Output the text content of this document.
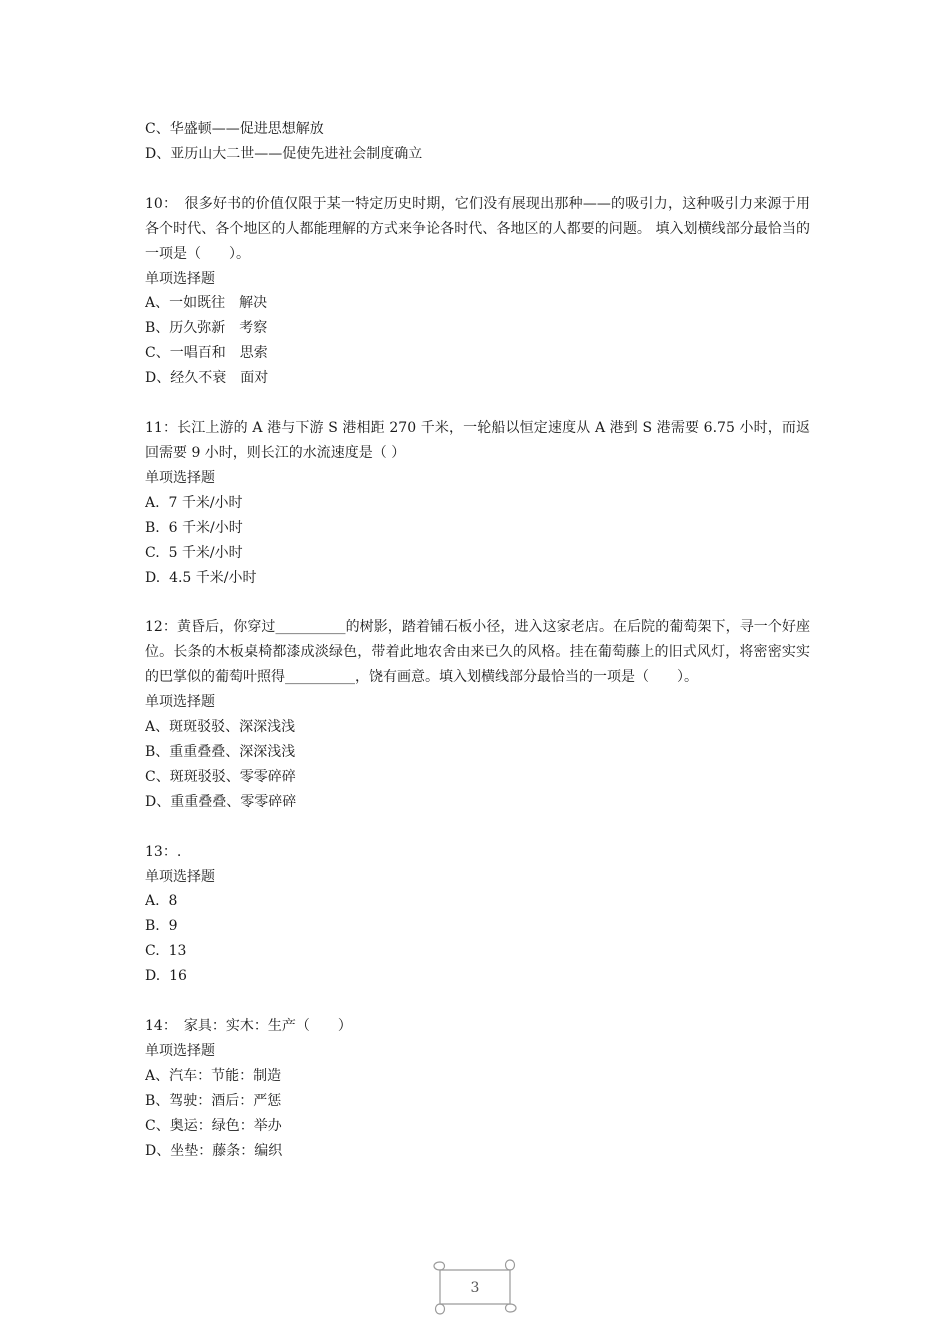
C、华盛顿——促进思想解放
D、亚历山大二世——促使先进社会制度确立
10：　很多好书的价值仅限于某一特定历史时期，它们没有展现出那种——的吸引力，这种吸引力来源于用各个时代、各个地区的人都能理解的方式来争论各时代、各地区的人都要的问题。 填入划横线部分最恰当的一项是（　　）。
单项选择题
A、一如既往　解决
B、历久弥新　考察
C、一唱百和　思索
D、经久不衰　面对
11：长江上游的 A 港与下游 S 港相距 270 千米，一轮船以恒定速度从 A 港到 S 港需要 6.75 小时，而返回需要 9 小时，则长江的水流速度是（ ）
单项选择题
A.  7 千米/小时
B.  6 千米/小时
C.  5 千米/小时
D.  4.5 千米/小时
12：黄昏后，你穿过__________的树影，踏着铺石板小径，进入这家老店。在后院的葡萄架下，寻一个好座位。长条的木板桌椅都漆成淡绿色，带着此地农舍由来已久的风格。挂在葡萄藤上的旧式风灯，将密密实实的巴掌似的葡萄叶照得__________，饶有画意。填入划横线部分最恰当的一项是（　　）。
单项选择题
A、斑斑驳驳、深深浅浅
B、重重叠叠、深深浅浅
C、斑斑驳驳、零零碎碎
D、重重叠叠、零零碎碎
13：.
单项选择题
A.  8
B.  9
C.  13
D.  16
14：　家具：实木：生产（　　）
单项选择题
A、汽车：节能：制造
B、驾驶：酒后：严惩
C、奥运：绿色：举办
D、坐垫：藤条：编织
3
